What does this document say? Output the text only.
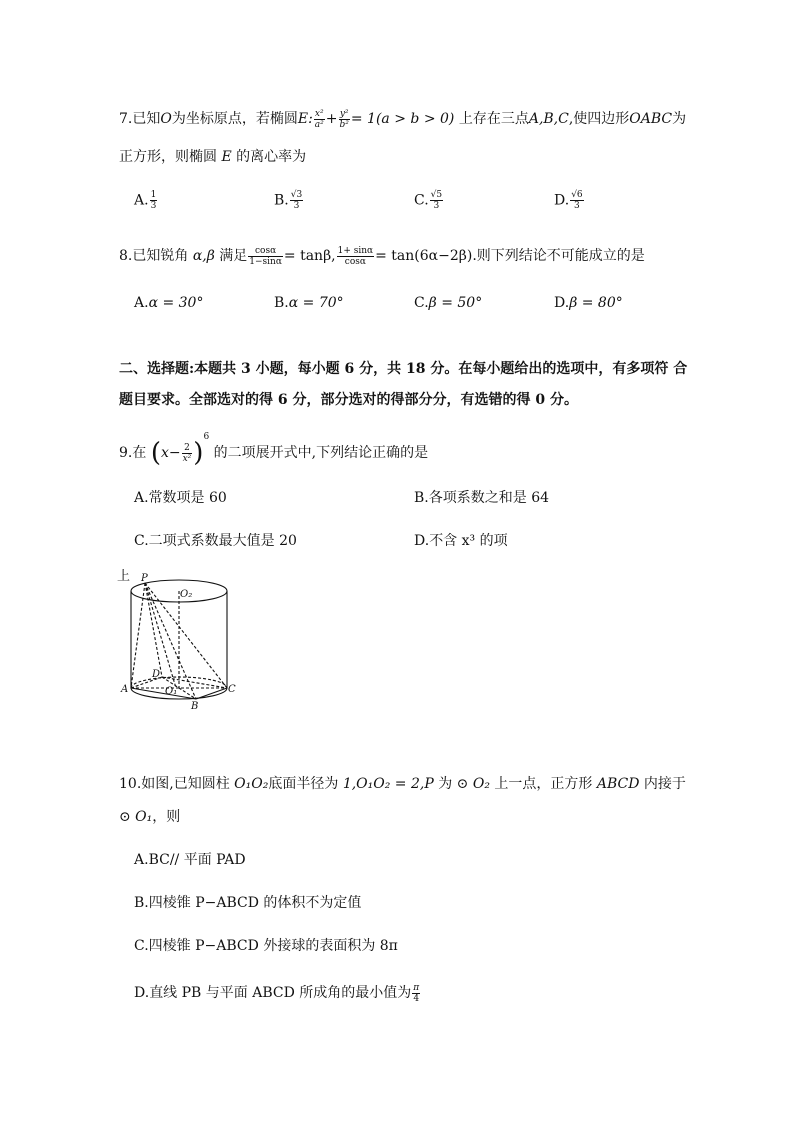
7.已知O为坐标原点，若椭圆E: $\frac{\text{x²}}{\text{a²}} + \frac{\text{y²}}{\text{b²}} = 1(a > b > 0)$ 上存在三点A,B,C,使四边形OABC为
正方形，则椭圆 E 的离心率为
A. $\frac{1}{3}$	B. $\frac{√3}{3}$	C. $\frac{√5}{3}$	D. $\frac{√6}{3}$
8.已知锐角 α,β 满足 $\frac{\cos\alpha}{1-\sin\alpha} = \tan\beta$, $\frac{1+ \sin\alpha}{\cos\alpha} = \tan(6\alpha-2\beta)$.则下列结论不可能成立的是
A.α = 30°	B.α = 70°	C.β = 50°	D.β = 80°
二、选择题:本题共 3 小题，每小题 6 分，共 18 分。在每小题给出的选项中，有多项符 合
题目要求。全部选对的得 6 分，部分选对的得部分分，有选错的得 0 分。
9.在 $(x- \frac{2}{\text{x²}} )^6$ 的二项展开式中,下列结论正确的是
A.常数项是 60	B.各项系数之和是 64
C.二项式系数最大值是 20	D.不含 x³ 的项
上 P
O₂
D
A	O₁	C
B
10.如图,已知圆柱 O₁O₂底面半径为 1,O₁O₂ = 2,P 为 ⊙ O₂ 上一点，正方形 ABCD 内接于
⊙ O₁，则
A.BC// 平面 PAD
B.四棱锥 P−ABCD 的体积不为定值
C.四棱锥 P−ABCD 外接球的表面积为 8π
D.直线 PB 与平面 ABCD 所成角的最小值为 $\frac{\pi}{4}$
